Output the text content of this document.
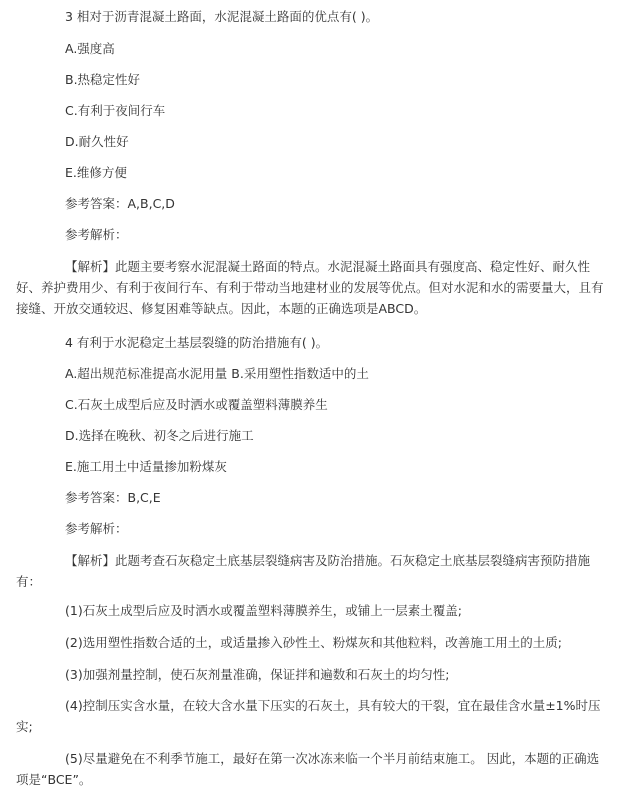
3 相对于沥青混凝土路面，水泥混凝土路面的优点有( )。
A.强度高
B.热稳定性好
C.有利于夜间行车
D.耐久性好
E.维修方便
参考答案：A,B,C,D
参考解析：
【解析】此题主要考察水泥混凝土路面的特点。水泥混凝土路面具有强度高、稳定性好、耐久性好、养护费用少、有利于夜间行车、有利于带动当地建材业的发展等优点。但对水泥和水的需要量大，且有接缝、开放交通较迟、修复困难等缺点。因此，本题的正确选项是ABCD。
4 有利于水泥稳定土基层裂缝的防治措施有( )。
A.超出规范标准提高水泥用量 B.采用塑性指数适中的土
C.石灰土成型后应及时洒水或覆盖塑料薄膜养生
D.选择在晚秋、初冬之后进行施工
E.施工用土中适量掺加粉煤灰
参考答案：B,C,E
参考解析：
【解析】此题考查石灰稳定土底基层裂缝病害及防治措施。石灰稳定土底基层裂缝病害预防措施有：
(1)石灰土成型后应及时洒水或覆盖塑料薄膜养生，或铺上一层素土覆盖;
(2)选用塑性指数合适的土，或适量掺入砂性土、粉煤灰和其他粒料，改善施工用土的土质;
(3)加强剂量控制，使石灰剂量准确，保证拌和遍数和石灰土的均匀性;
(4)控制压实含水量，在较大含水量下压实的石灰土，具有较大的干裂，宜在最佳含水量±1%时压实;
(5)尽量避免在不利季节施工，最好在第一次冰冻来临一个半月前结束施工。 因此，本题的正确选项是“BCE”。
